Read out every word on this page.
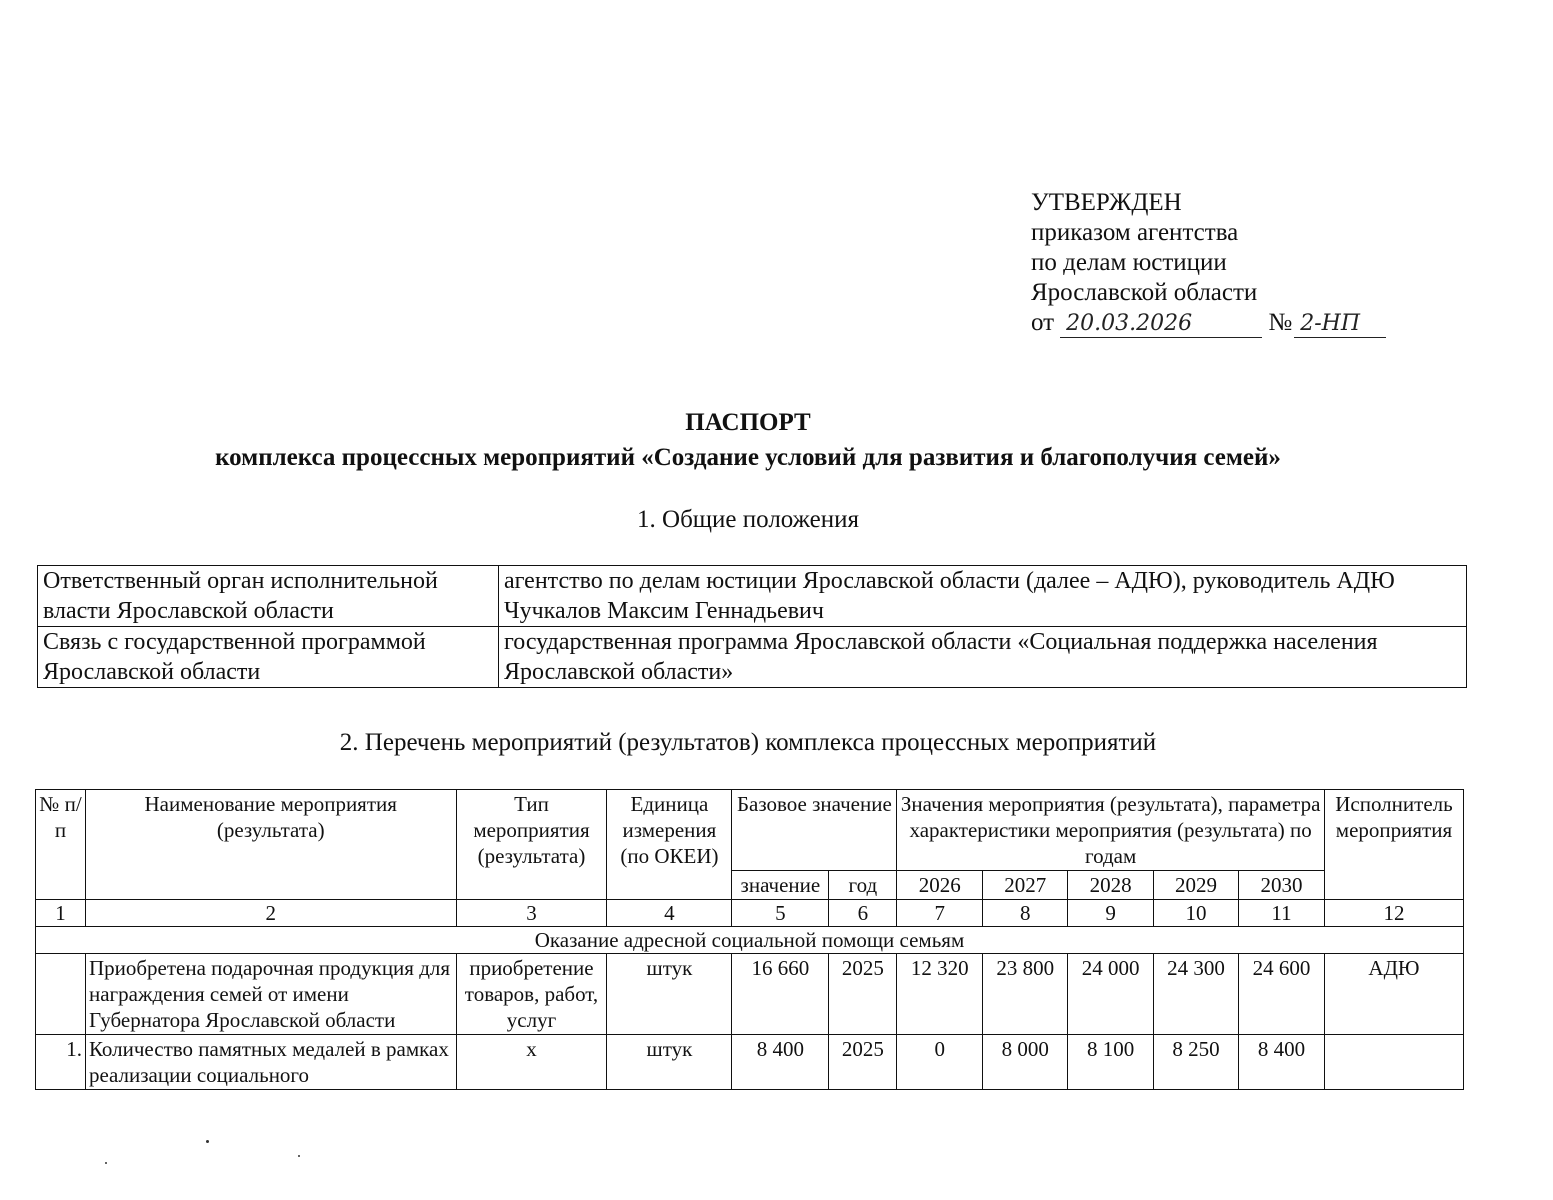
УТВЕРЖДЕН
приказом агентства
по делам юстиции
Ярославской области
от 20.03.2026	№ 2-НП
ПАСПОРТ
комплекса процессных мероприятий «Создание условий для развития и благополучия семей»
1. Общие положения
Ответственный орган исполнительной власти Ярославской области	агентство по делам юстиции Ярославской области (далее – АДЮ), руководитель АДЮ Чучкалов Максим Геннадьевич
Связь с государственной программой Ярославской области	государственная программа Ярославской области «Социальная поддержка населения Ярославской области»
2. Перечень мероприятий (результатов) комплекса процессных мероприятий
№ п/п	Наименование мероприятия (результата)	Тип мероприятия (результата)	Единица измерения (по ОКЕИ)	Базовое значение		Значения мероприятия (результата), параметра характеристики мероприятия (результата) по годам					Исполнитель мероприятия
				значение	год	2026	2027	2028	2029	2030	
1	2	3	4	5	6	7	8	9	10	11	12
Оказание адресной социальной помощи семьям											
	Приобретена подарочная продукция для награждения семей от имени Губернатора Ярославской области	приобретение товаров, работ, услуг	штук	16 660	2025	12 320	23 800	24 000	24 300	24 600	АДЮ
1.	Количество памятных медалей в рамках реализации социального	х	штук	8 400	2025	0	8 000	8 100	8 250	8 400	
